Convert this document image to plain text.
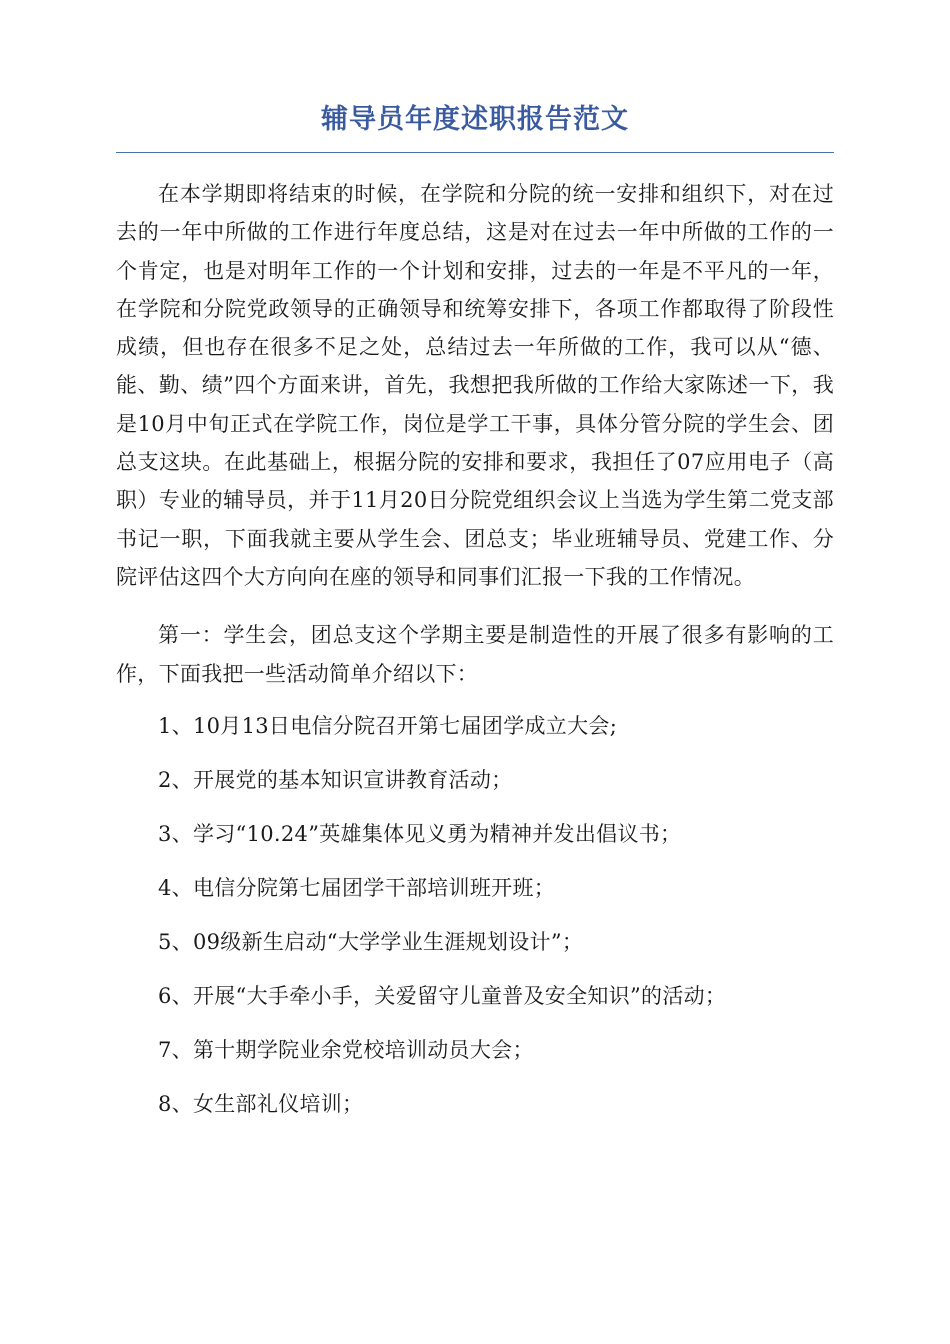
辅导员年度述职报告范文

在本学期即将结束的时候，在学院和分院的统一安排和组织下，对在过去的一年中所做的工作进行年度总结，这是对在过去一年中所做的工作的一个肯定，也是对明年工作的一个计划和安排，过去的一年是不平凡的一年，在学院和分院党政领导的正确领导和统筹安排下，各项工作都取得了阶段性成绩，但也存在很多不足之处，总结过去一年所做的工作，我可以从“德、能、勤、绩”四个方面来讲，首先，我想把我所做的工作给大家陈述一下，我是10月中旬正式在学院工作，岗位是学工干事，具体分管分院的学生会、团总支这块。在此基础上，根据分院的安排和要求，我担任了07应用电子（高职）专业的辅导员，并于11月20日分院党组织会议上当选为学生第二党支部书记一职，下面我就主要从学生会、团总支；毕业班辅导员、党建工作、分院评估这四个大方向向在座的领导和同事们汇报一下我的工作情况。

第一：学生会，团总支这个学期主要是制造性的开展了很多有影响的工作，下面我把一些活动简单介绍以下：

1、10月13日电信分院召开第七届团学成立大会;
2、开展党的基本知识宣讲教育活动；
3、学习“10.24”英雄集体见义勇为精神并发出倡议书；
4、电信分院第七届团学干部培训班开班；
5、09级新生启动“大学学业生涯规划设计”；
6、开展“大手牵小手，关爱留守儿童普及安全知识”的活动；
7、第十期学院业余党校培训动员大会；
8、女生部礼仪培训；
